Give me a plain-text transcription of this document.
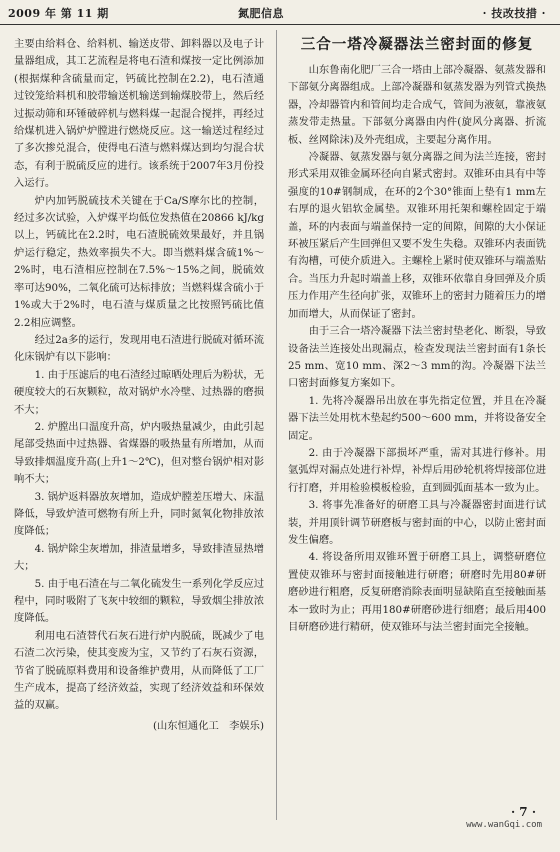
2009 年 第 11 期	氮肥信息	· 技改技措 ·

主要由给料仓、给料机、输送皮带、卸料器以及电子计量器组成，其工艺流程是将电石渣和煤按一定比例添加(根据煤种含硫量而定，钙硫比控制在2.2)，电石渣通过铰笼给料机和胶带输送机输送到输煤胶带上，然后经过振动筛和环锤破碎机与燃料煤一起混合搅拌，再经过给煤机进入锅炉炉膛进行燃烧反应。这一输送过程经过了多次掺兑混合，使得电石渣与燃料煤达到均匀混合状态，有利于脱硫反应的进行。该系统于2007年3月份投入运行。

炉内加钙脱硫技术关键在于Ca/S摩尔比的控制，经过多次试验，入炉煤平均低位发热值在20866 kJ/kg以上，钙硫比在2.2时，电石渣脱硫效果最好，并且锅炉运行稳定，热效率损失不大。即当燃料煤含硫1%～2%时，电石渣相应控制在7.5%～15%之间，脱硫效率可达90%，二氧化硫可达标排放；当燃料煤含硫小于1%或大于2%时，电石渣与煤质量之比按照钙硫比值2.2相应调整。

经过2a多的运行，发现用电石渣进行脱硫对循环流化床锅炉有以下影响：

1. 由于压滤后的电石渣经过晾晒处理后为粉状，无硬度较大的石灰颗粒，故对锅炉水冷壁、过热器的磨损不大；

2. 炉膛出口温度升高，炉内吸热量减少，由此引起尾部受热面中过热器、省煤器的吸热量有所增加，从而导致排烟温度升高(上升1～2℃)，但对整台锅炉相对影响不大；

3. 锅炉返料器放灰增加，造成炉膛差压增大、床温降低，导致炉渣可燃物有所上升，同时氮氧化物排放浓度降低；

4. 锅炉除尘灰增加，排渣量增多，导致排渣显热增大；

5. 由于电石渣在与二氧化硫发生一系列化学反应过程中，同时吸附了飞灰中较细的颗粒，导致烟尘排放浓度降低。

利用电石渣替代石灰石进行炉内脱硫，既减少了电石渣二次污染，使其变废为宝，又节约了石灰石资源，节省了脱硫原料费用和设备维护费用，从而降低了工厂生产成本，提高了经济效益，实现了经济效益和环保效益的双赢。

(山东恒通化工　李娱乐)
三合一塔冷凝器法兰密封面的修复

山东鲁南化肥厂三合一塔由上部冷凝器、氨蒸发器和下部氨分离器组成。上部冷凝器和氨蒸发器为列管式换热器，冷却器管内和管间均走合成气，管间为液氨，靠液氨蒸发带走热量。下部氨分离器由内件(旋风分离器、折流板、丝网除沫)及外壳组成，主要起分离作用。

冷凝器、氨蒸发器与氨分离器之间为法兰连接，密封形式采用双锥金属环径向自紧式密封。双锥环由具有中等强度的10#钢制成，在环的2个30°锥面上垫有1 mm左右厚的退火铝软金属垫。双锥环用托架和螺栓固定于端盖，环的内表面与端盖保持一定的间隙，间隙的大小保证环被压紧后产生回弹但又要不发生失稳。双锥环内表面铣有沟槽，可使介质进入。主螺栓上紧时使双锥环与端盖贴合。当压力升起时端盖上移，双锥环依靠自身回弹及介质压力作用产生径向扩张，双锥环上的密封力随着压力的增加而增大，从而保证了密封。

由于三合一塔冷凝器下法兰密封垫老化、断裂，导致设备法兰连接处出现漏点，检查发现法兰密封面有1条长25 mm、宽10 mm、深2～3 mm的沟。冷凝器下法兰口密封面修复方案如下。

1. 先将冷凝器吊出放在事先指定位置，并且在冷凝器下法兰处用枕木垫起约500～600 mm，并将设备安全固定。

2. 由于冷凝器下部损坏严重，需对其进行修补。用氩弧焊对漏点处进行补焊，补焊后用砂轮机将焊接部位进行打磨，并用检验模板检验，直到圆弧面基本一致为止。

3. 将事先准备好的研磨工具与冷凝器密封面进行试装，并用顶针调节研磨板与密封面的中心，以防止密封面发生偏磨。

4. 将设备所用双锥环置于研磨工具上，调整研磨位置使双锥环与密封面接触进行研磨；研磨时先用80#研磨砂进行粗磨，反复研磨消除表面明显缺陷直至接触面基本一致时为止；再用180#研磨砂进行细磨；最后用400目研磨砂进行精研，使双锥环与法兰密封面完全接触。

· 7 ·
www.wanGqi.com
